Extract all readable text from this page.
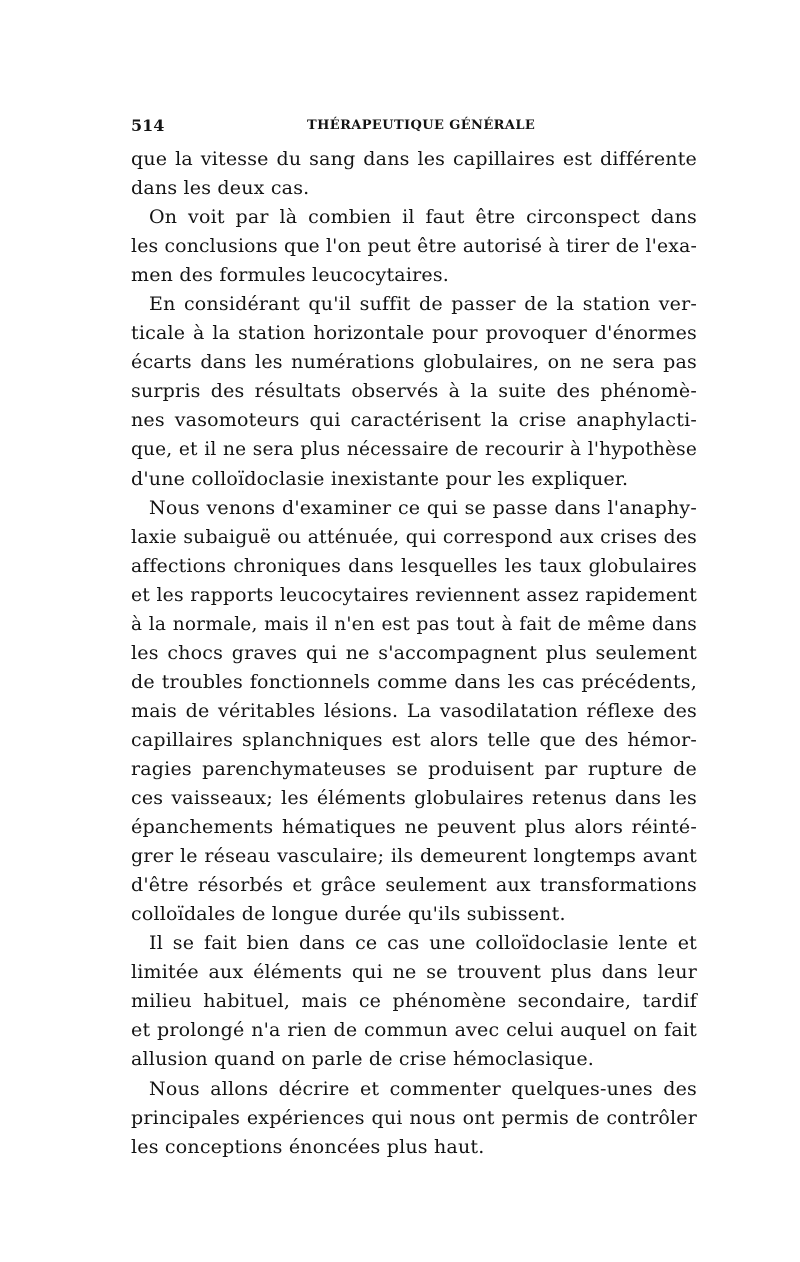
514	THÉRAPEUTIQUE GÉNÉRALE
que la vitesse du sang dans les capillaires est différente
dans les deux cas.
On voit par là combien il faut être circonspect dans
les conclusions que l'on peut être autorisé à tirer de l'exa-
men des formules leucocytaires.
En considérant qu'il suffit de passer de la station ver-
ticale à la station horizontale pour provoquer d'énormes
écarts dans les numérations globulaires, on ne sera pas
surpris des résultats observés à la suite des phénomè-
nes vasomoteurs qui caractérisent la crise anaphylacti-
que, et il ne sera plus nécessaire de recourir à l'hypothèse
d'une colloïdoclasie inexistante pour les expliquer.
Nous venons d'examiner ce qui se passe dans l'anaphy-
laxie subaiguë ou atténuée, qui correspond aux crises des
affections chroniques dans lesquelles les taux globulaires
et les rapports leucocytaires reviennent assez rapidement
à la normale, mais il n'en est pas tout à fait de même dans
les chocs graves qui ne s'accompagnent plus seulement
de troubles fonctionnels comme dans les cas précédents,
mais de véritables lésions. La vasodilatation réflexe des
capillaires splanchniques est alors telle que des hémor-
ragies parenchymateuses se produisent par rupture de
ces vaisseaux; les éléments globulaires retenus dans les
épanchements hématiques ne peuvent plus alors réinté-
grer le réseau vasculaire; ils demeurent longtemps avant
d'être résorbés et grâce seulement aux transformations
colloïdales de longue durée qu'ils subissent.
Il se fait bien dans ce cas une colloïdoclasie lente et
limitée aux éléments qui ne se trouvent plus dans leur
milieu habituel, mais ce phénomène secondaire, tardif
et prolongé n'a rien de commun avec celui auquel on fait
allusion quand on parle de crise hémoclasique.
Nous allons décrire et commenter quelques-unes des
principales expériences qui nous ont permis de contrôler
les conceptions énoncées plus haut.
